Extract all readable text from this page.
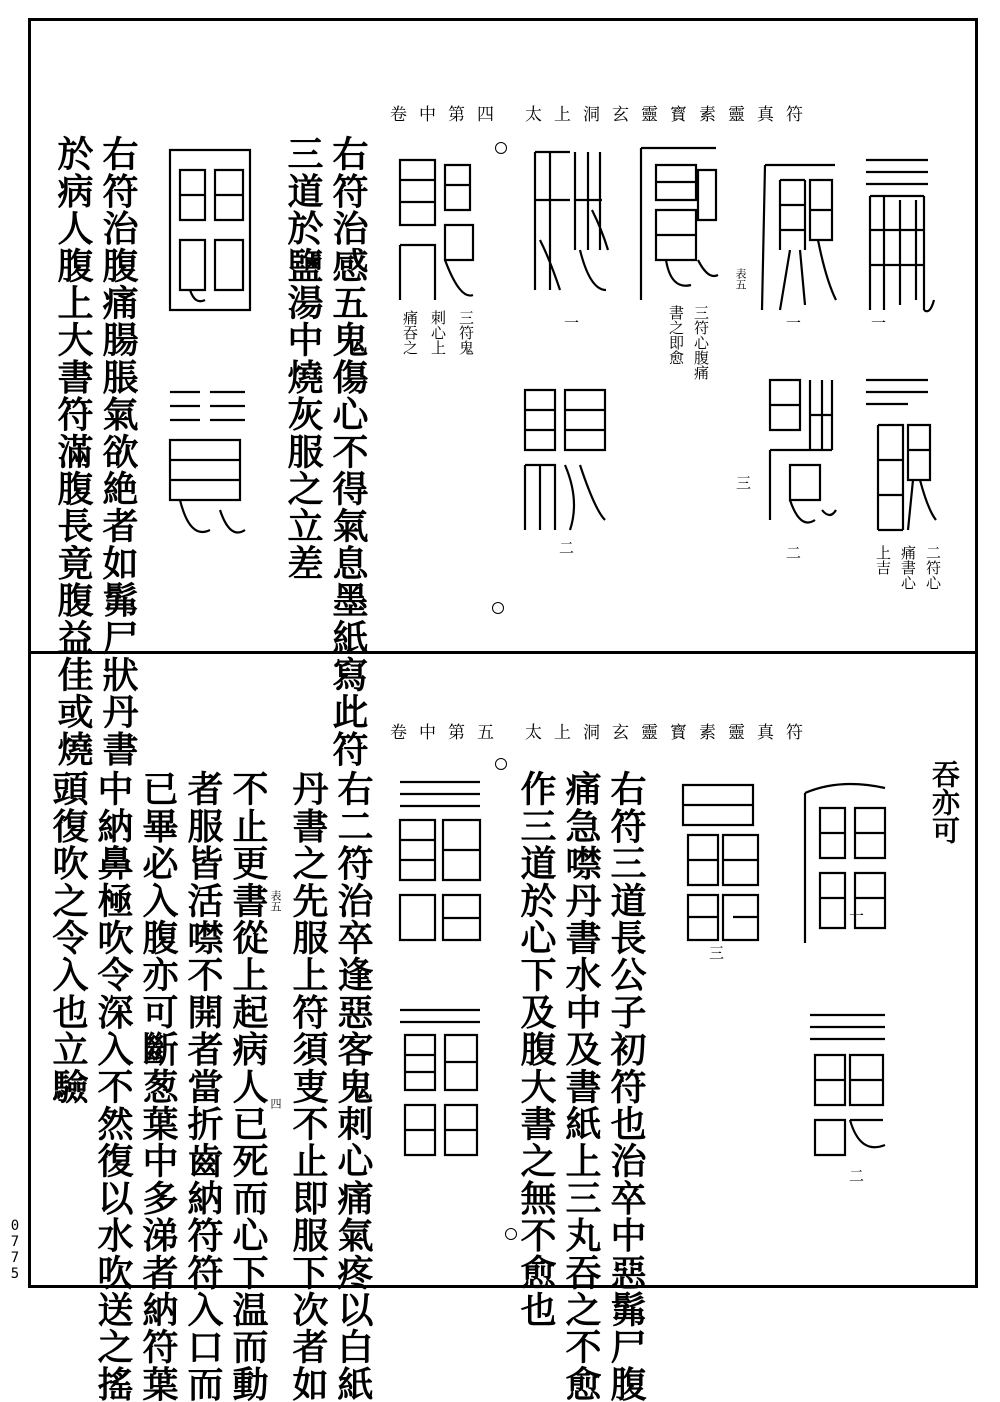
太上洞玄靈寳素靈真符
卷中第四
二符心
痛書心
上吉
一
一
二
三
表五
三符心腹痛
書之即愈
一
二
三符鬼
刺心上
痛吞之
右符治感五鬼傷心不得氣息墨紙寫此符
三道於鹽湯中燒灰服之立差
右符治腹痛腸脹氣欲絶者如髴尸狀丹書
於病人腹上大書符滿腹長竟腹益佳或燒	太上洞玄靈寳素靈真符
卷中第五
吞亦可
一
二
三
右符三道長公子初符也治卒中惡髴尸腹
痛急噤丹書水中及書紙上三丸吞之不愈
作三道於心下及腹大書之無不愈也
右二符治卒逢惡客鬼刺心痛氣疼以白紙
丹書之先服上符須叓不止即服下次者如
表五
四
不止更書從上起病人已死而心下温而動
者服皆活噤不開者當折齒納符符入口而
已畢必入腹亦可斷葱葉中多涕者納符葉
中納鼻極吹令深入不然復以水吹送之搖
頭復吹之令入也立驗
0775
